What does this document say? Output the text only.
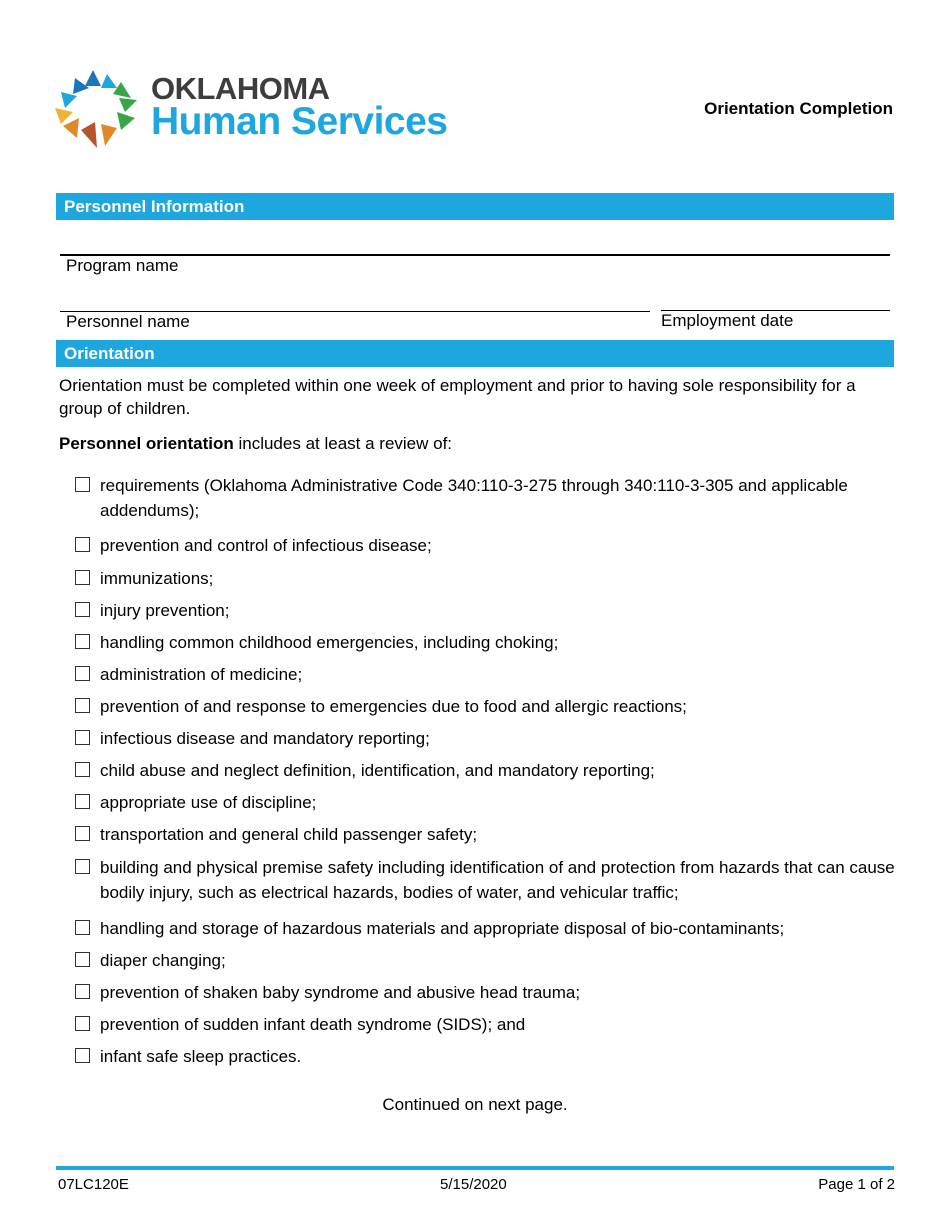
OKLAHOMA
Human Services	Orientation Completion
Personnel Information
Program name
Personnel name	Employment date
Orientation
Orientation must be completed within one week of employment and prior to having sole responsibility for a group of children.
Personnel orientation includes at least a review of:
requirements (Oklahoma Administrative Code 340:110-3-275 through 340:110-3-305 and applicable addendums);
prevention and control of infectious disease;
immunizations;
injury prevention;
handling common childhood emergencies, including choking;
administration of medicine;
prevention of and response to emergencies due to food and allergic reactions;
infectious disease and mandatory reporting;
child abuse and neglect definition, identification, and mandatory reporting;
appropriate use of discipline;
transportation and general child passenger safety;
building and physical premise safety including identification of and protection from hazards that can cause bodily injury, such as electrical hazards, bodies of water, and vehicular traffic;
handling and storage of hazardous materials and appropriate disposal of bio-contaminants;
diaper changing;
prevention of shaken baby syndrome and abusive head trauma;
prevention of sudden infant death syndrome (SIDS); and
infant safe sleep practices.
Continued on next page.
07LC120E	5/15/2020	Page 1 of 2
